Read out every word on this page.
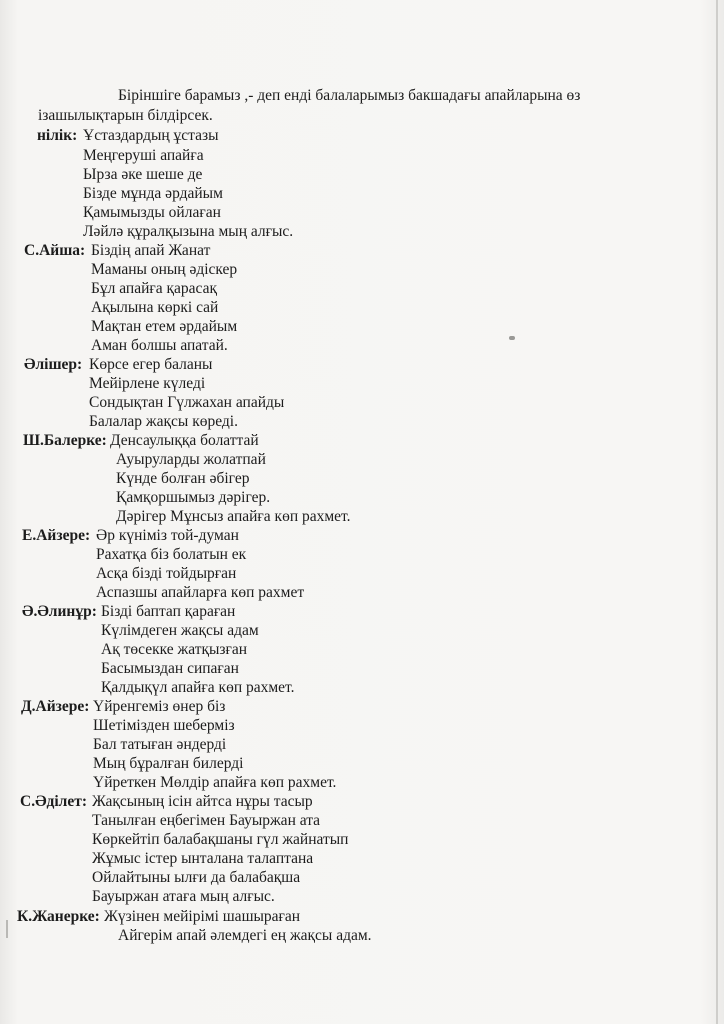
Біріншіге барамыз ,- деп енді балаларымыз бакшадағы апайларына өз
ізашылықтарын білдірсек.
нілік: Ұстаздардың ұстазы
Меңгеруші апайға
Ырза әке шеше де
Бізде мұнда әрдайым
Қамымызды ойлаған
Ләйлә құралқызына мың алғыс.
С.Айша: Біздің апай Жанат
Маманы оның әдіскер
Бұл апайға қарасақ
Ақылына көркі сай
Мақтан етем әрдайым
Аман болшы апатай.
Әлішер: Көрсе егер баланы
Мейірлене күледі
Сондықтан Гүлжахан апайды
Балалар жақсы көреді.
Ш.Балерке: Денсаулыққа болаттай
Ауыруларды жолатпай
Күнде болған әбігер
Қамқоршымыз дәрігер.
Дәрігер Мұнсыз апайға көп рахмет.
Е.Айзере: Әр күніміз той-думан
Рахатқа біз болатын ек
Асқа бізді тойдырған
Аспазшы апайларға көп рахмет
Ә.Әлинұр: Бізді баптап қараған
Күлімдеген жақсы адам
Ақ төсекке жатқызған
Басымыздан сипаған
Қалдықүл апайға көп рахмет.
Д.Айзере: Үйренгеміз өнер біз
Шетімізден шеберміз
Бал татыған әндерді
Мың бұралған билерді
Үйреткен Мөлдір апайға көп рахмет.
С.Әділет: Жақсының ісін айтса нұры тасыр
Танылған еңбегімен Бауыржан ата
Көркейтіп балабақшаны гүл жайнатып
Жұмыс істер ынталана талаптана
Ойлайтыны ылғи да балабақша
Бауыржан атаға мың алғыс.
К.Жанерке: Жүзінен мейірімі шашыраған
Айгерім апай әлемдегі ең жақсы адам.
